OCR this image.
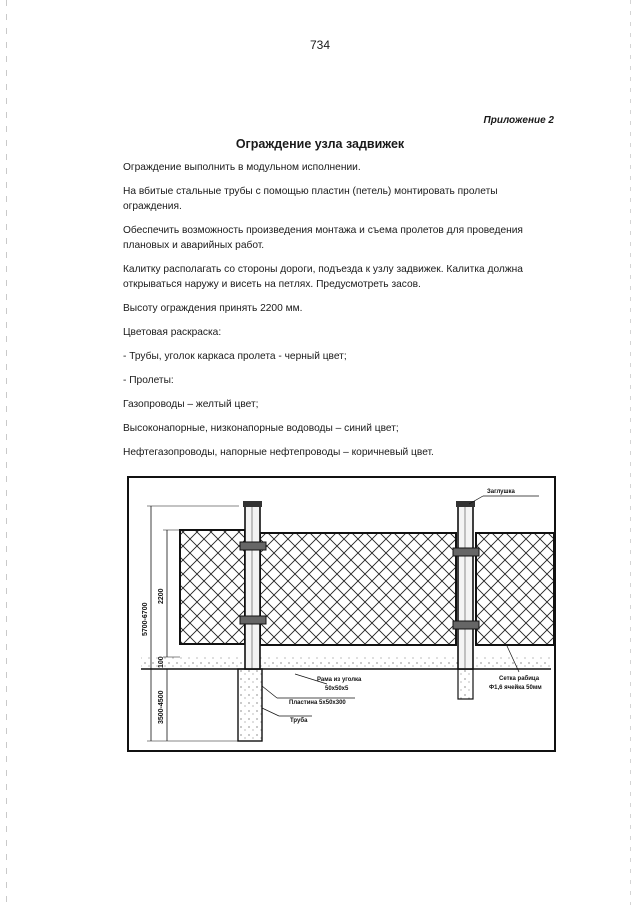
734
Приложение 2
Ограждение узла задвижек

Ограждение выполнить в модульном исполнении.

На вбитые стальные трубы с помощью пластин (петель) монтировать пролеты ограждения.

Обеспечить возможность произведения монтажа и съема пролетов для проведения плановых и аварийных работ.

Калитку располагать со стороны дороги, подъезда к узлу задвижек. Калитка должна открываться наружу и висеть на петлях. Предусмотреть засов.

Высоту ограждения принять 2200 мм.

Цветовая раскраска:

- Трубы, уголок каркаса пролета - черный цвет;

- Пролеты:

Газопроводы – желтый цвет;

Высоконапорные, низконапорные водоводы – синий цвет;

Нефтегазопроводы, напорные нефтепроводы – коричневый цвет.

5700-6700
2200
100
3500-4500
Заглушка
Рама из уголка
50х50х5
Пластина 5х50х300
Труба
Сетка рабица
Ф1,6 ячейка 50мм
